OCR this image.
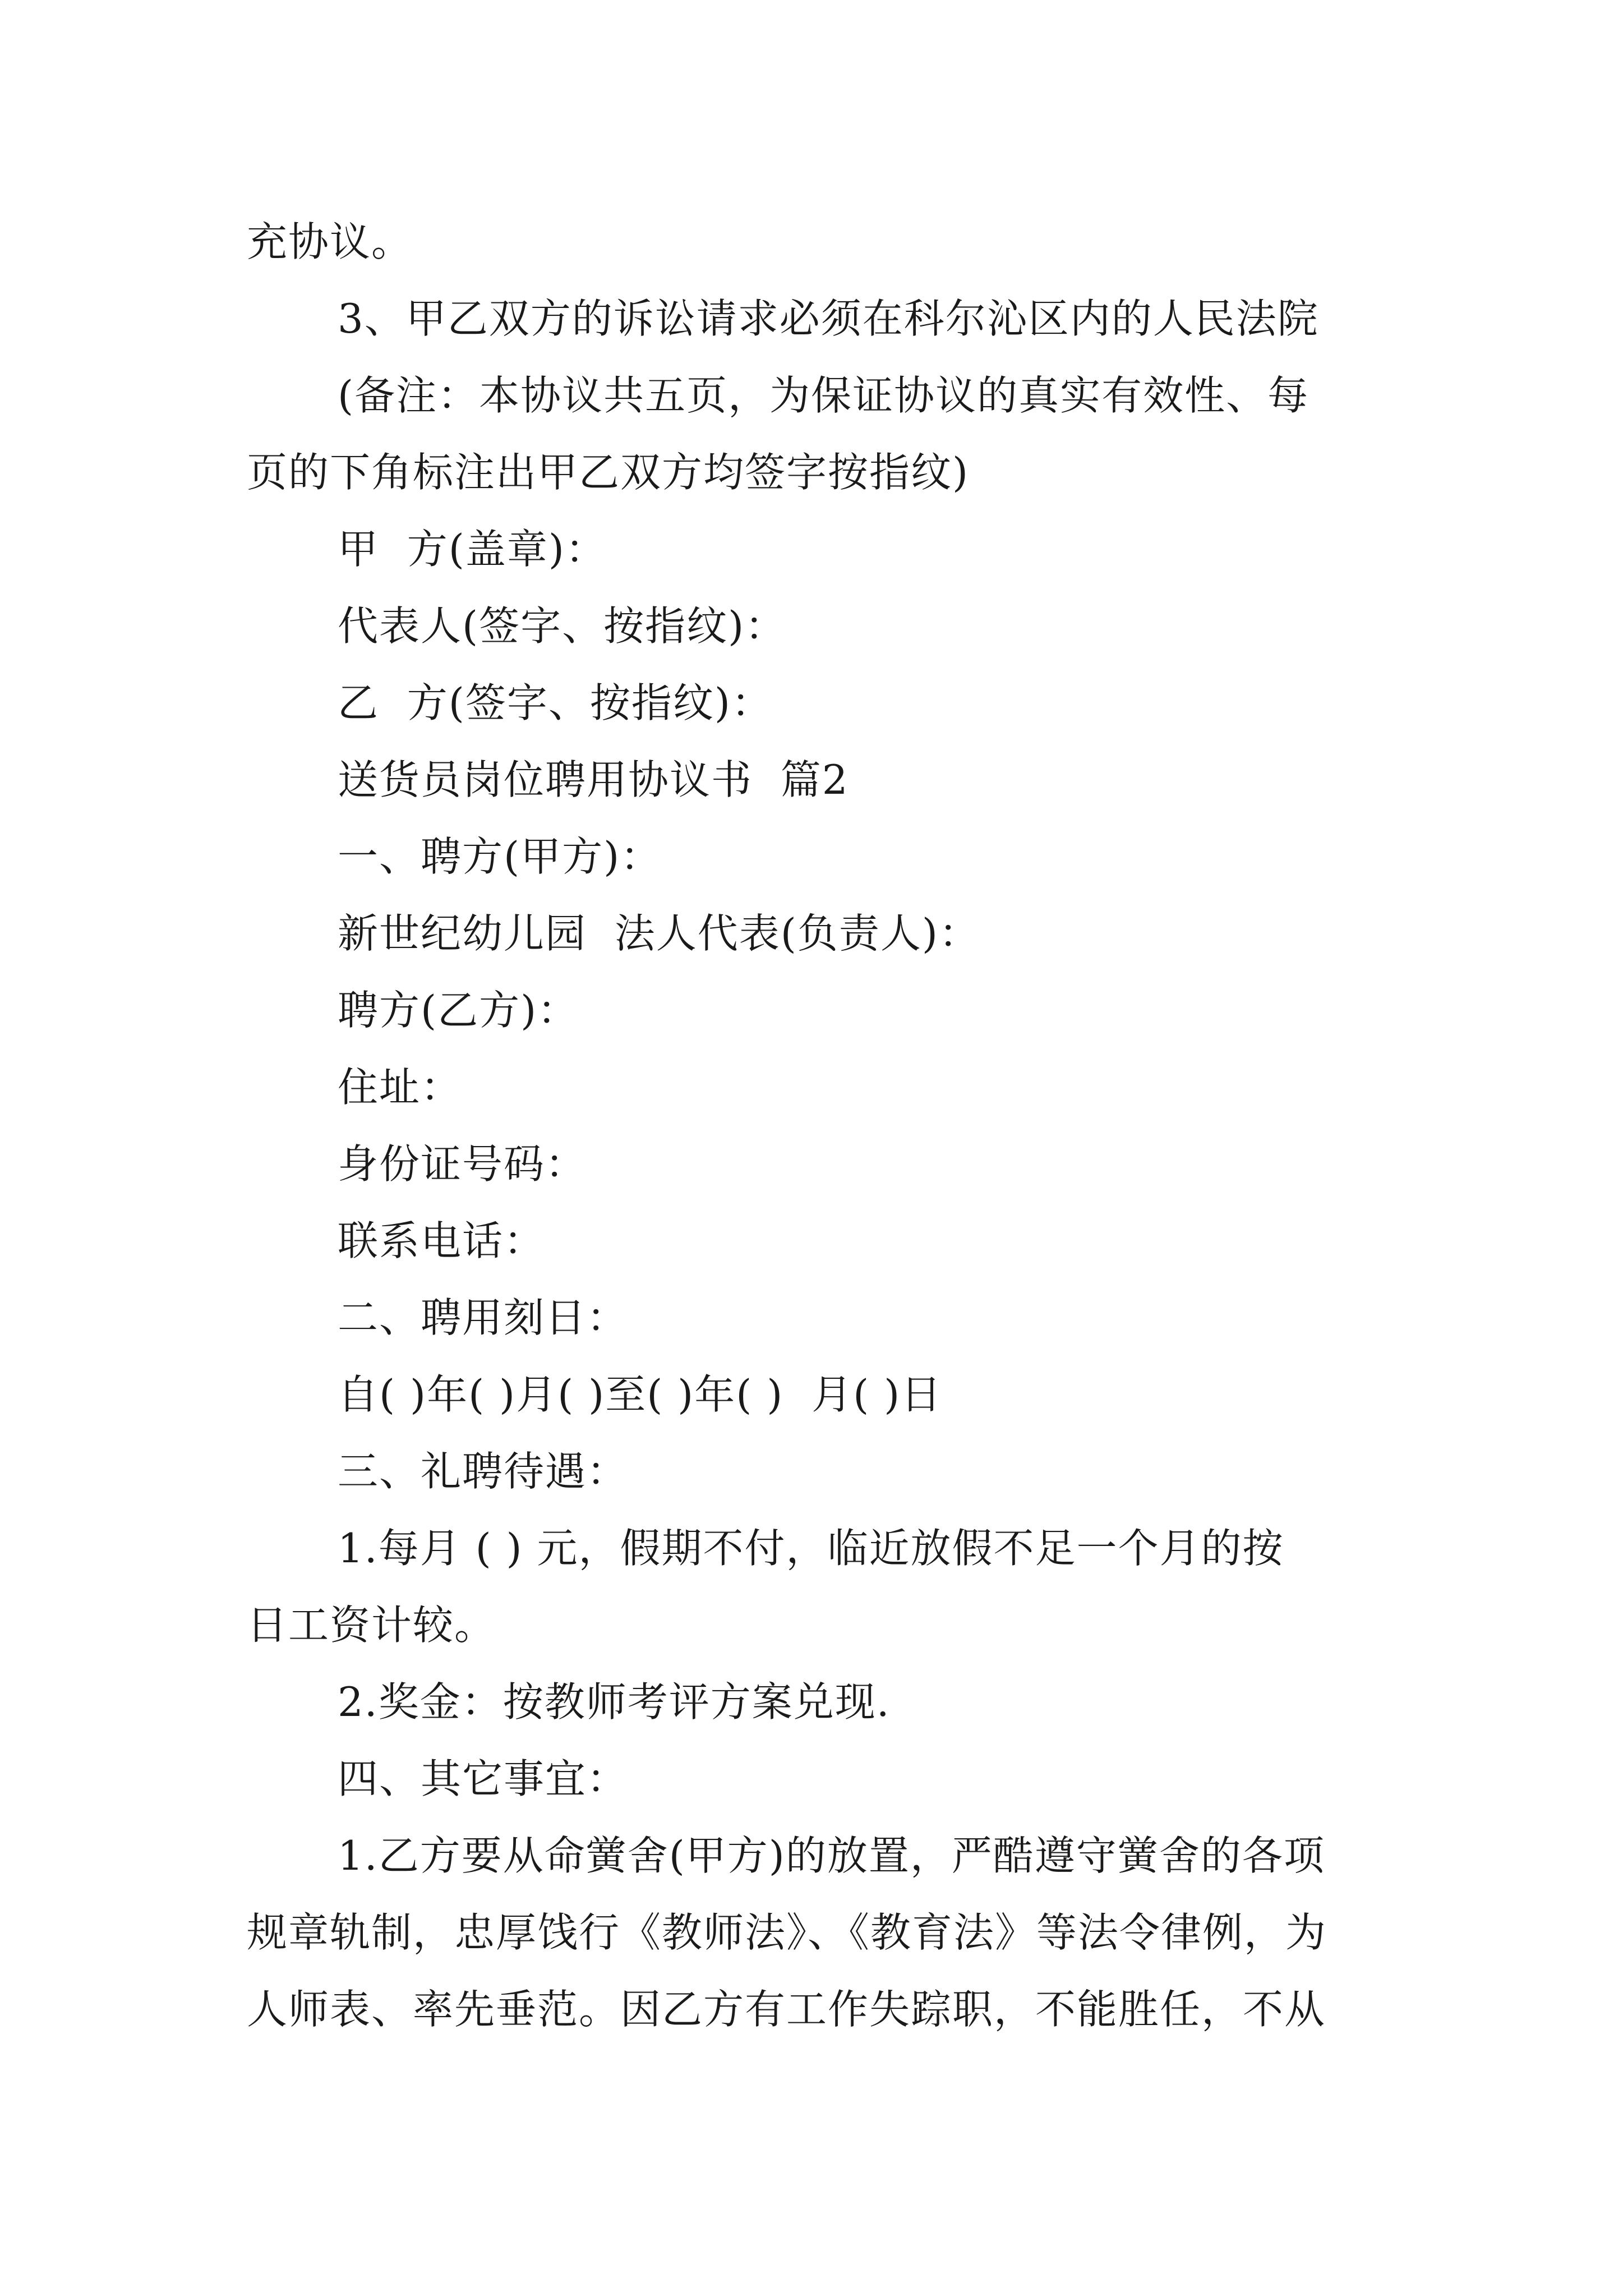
充协议。
3、甲乙双方的诉讼请求必须在科尔沁区内的人民法院
(备注：本协议共五页，为保证协议的真实有效性、每
页的下角标注出甲乙双方均签字按指纹)
甲  方(盖章)：
代表人(签字、按指纹)：
乙  方(签字、按指纹)：
送货员岗位聘用协议书  篇2
一、聘方(甲方)：
新世纪幼儿园  法人代表(负责人)：
聘方(乙方)：
住址：
身份证号码：
联系电话：
二、聘用刻日：
自( )年( )月( )至( )年( )  月( )日
三、礼聘待遇：
1.每月 ( ) 元，假期不付，临近放假不足一个月的按
日工资计较。
2.奖金：按教师考评方案兑现.
四、其它事宜：
1.乙方要从命黉舍(甲方)的放置，严酷遵守黉舍的各项
规章轨制，忠厚饯行《教师法》、《教育法》等法令律例，为
人师表、率先垂范。因乙方有工作失踪职，不能胜任，不从
